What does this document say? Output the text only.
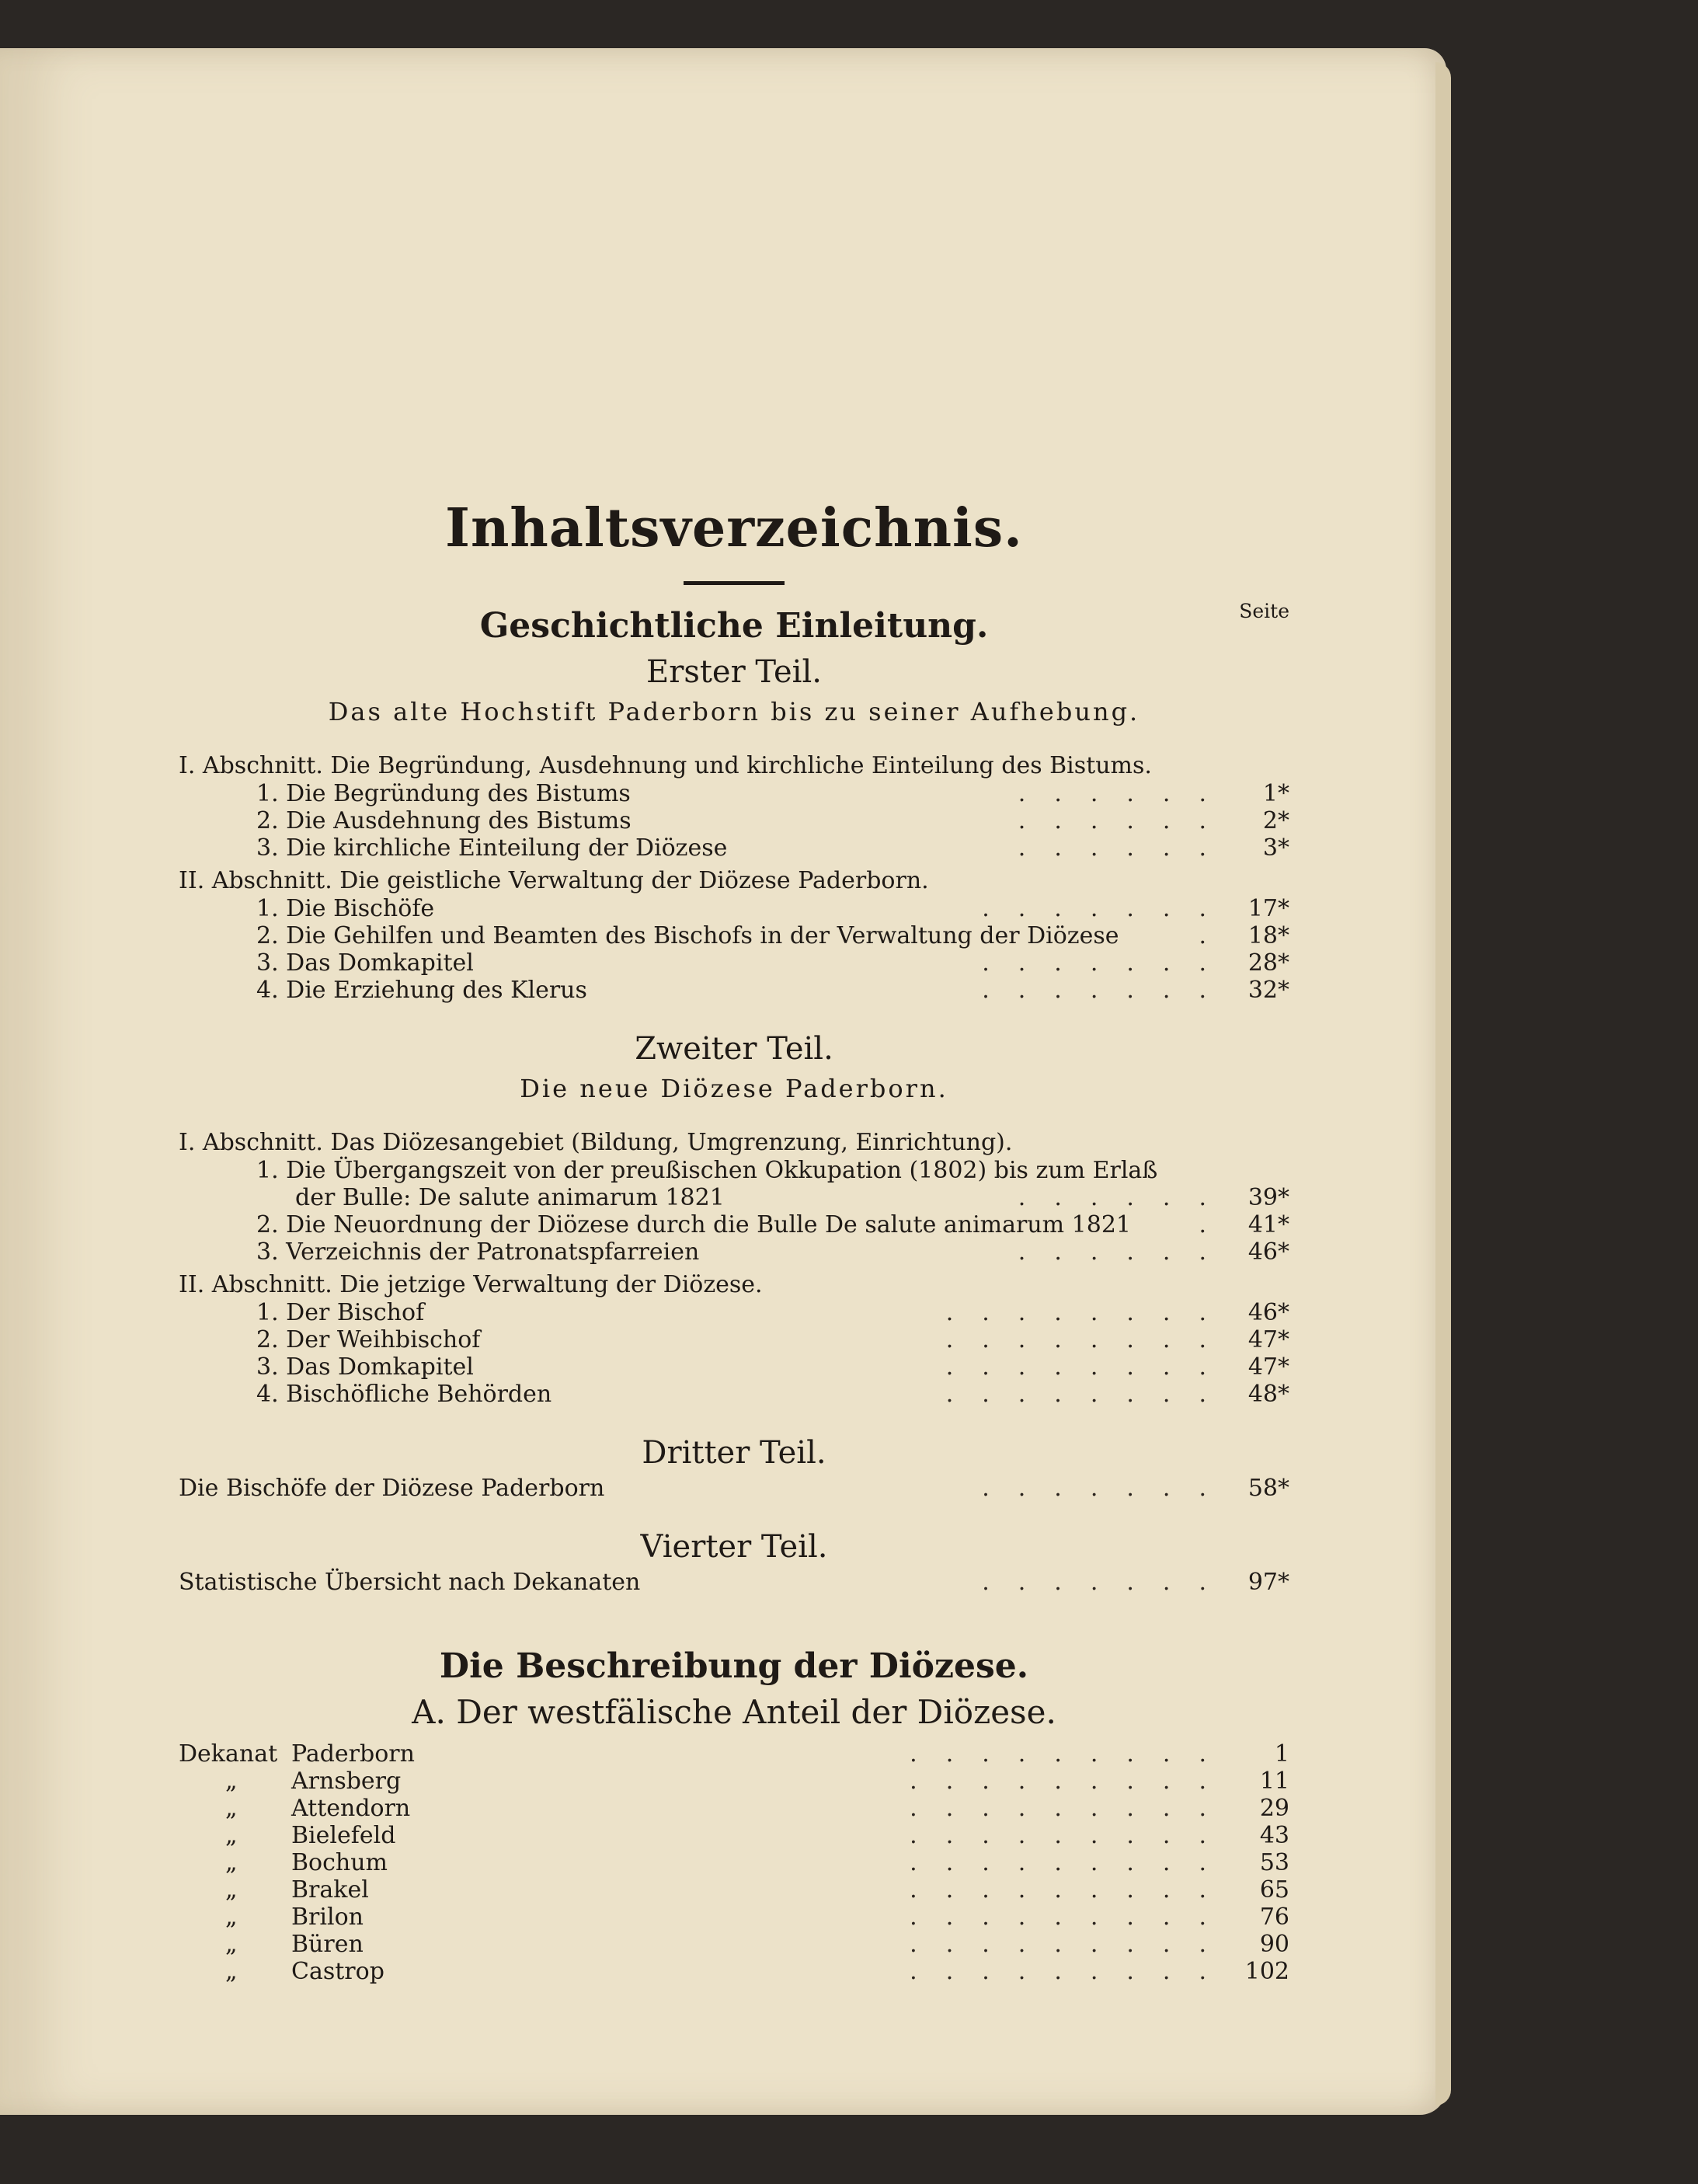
Inhaltsverzeichnis.
Seite
Geschichtliche Einleitung.
Erster Teil.
Das alte Hochstift Paderborn bis zu seiner Aufhebung.
I. Abschnitt. Die Begründung, Ausdehnung und kirchliche Einteilung des Bistums.
1. Die Begründung des Bistums	...... 1*
2. Die Ausdehnung des Bistums	...... 2*
3. Die kirchliche Einteilung der Diözese	...... 3*
II. Abschnitt. Die geistliche Verwaltung der Diözese Paderborn.
1. Die Bischöfe	....... 17*
2. Die Gehilfen und Beamten des Bischofs in der Verwaltung der Diözese	. 18*
3. Das Domkapitel	....... 28*
4. Die Erziehung des Klerus	....... 32*
Zweiter Teil.
Die neue Diözese Paderborn.
I. Abschnitt. Das Diözesangebiet (Bildung, Umgrenzung, Einrichtung).
1. Die Übergangszeit von der preußischen Okkupation (1802) bis zum Erlaß
der Bulle: De salute animarum 1821	...... 39*
2. Die Neuordnung der Diözese durch die Bulle De salute animarum 1821	. 41*
3. Verzeichnis der Patronatspfarreien	...... 46*
II. Abschnitt. Die jetzige Verwaltung der Diözese.
1. Der Bischof	........ 46*
2. Der Weihbischof	........ 47*
3. Das Domkapitel	........ 47*
4. Bischöfliche Behörden	........ 48*
Dritter Teil.
Die Bischöfe der Diözese Paderborn	....... 58*
Vierter Teil.
Statistische Übersicht nach Dekanaten	....... 97*
Die Beschreibung der Diözese.
A. Der westfälische Anteil der Diözese.
Dekanat Paderborn	......... 1
„ Arnsberg	......... 11
„ Attendorn	......... 29
„ Bielefeld	......... 43
„ Bochum	......... 53
„ Brakel	......... 65
„ Brilon	......... 76
„ Büren	......... 90
„ Castrop	......... 102
